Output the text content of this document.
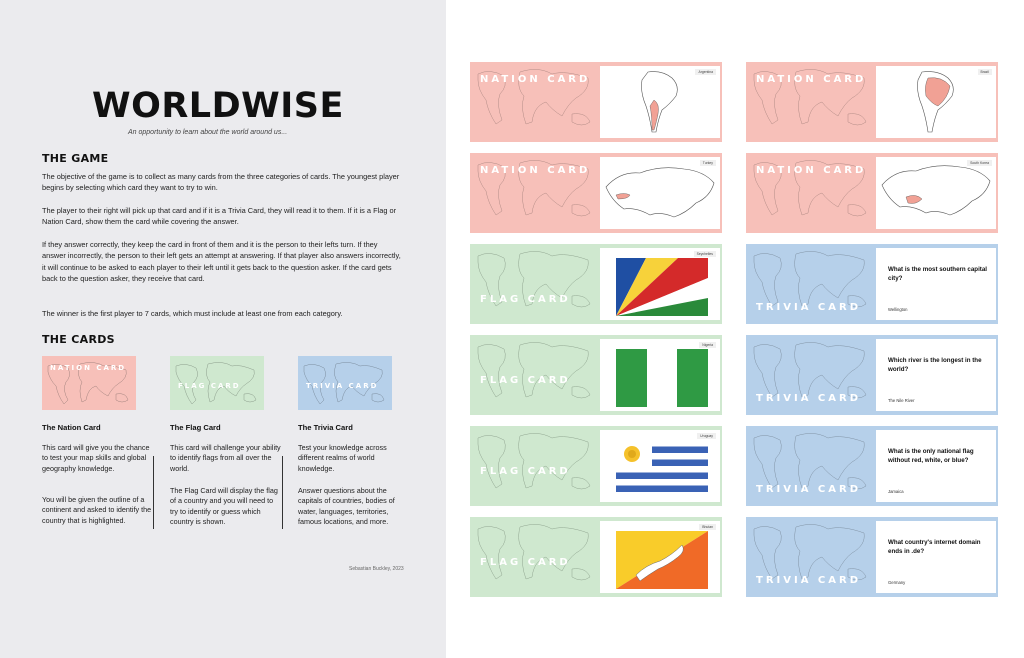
WORLDWISE
An opportunity to learn about the world around us...
THE GAME

The objective of the game is to collect as many cards from the three categories of cards. The youngest player begins by selecting which card they want to try to win.

The player to their right will pick up that card and if it is a Trivia Card, they will read it to them. If it is a Flag or Nation Card, show them the card while covering the answer.

If they answer correctly, they keep the card in front of them and it is the person to their lefts turn. If they answer incorrectly, the person to their left gets an attempt at answering. If that player also answers incorrectly, it will continue to be asked to each player to their left until it gets back to the question asker. If the card gets back to the question asker, they receive that card.

The winner is the first player to 7 cards, which must include at least one from each category.

THE CARDS
NATION CARD
FLAG CARD	TRIVIA CARD
The Nation Card

This card will give you the chance to test your map skills and global geography knowledge.

You will be given the outline of a continent and asked to identify the country that is highlighted.

The Flag Card

This card will challenge your ability to identify flags from all over the world.

The Flag Card will display the flag of a country and you will need to try to identify or guess which country is shown.

The Trivia Card

Test your knowledge across different realms of world knowledge.

Answer questions about the capitals of countries, bodies of water, languages, territories, famous locations, and more.

Sebastian Buckley, 2023
NATION CARD
Argentina
NATION CARD
Brazil
NATION CARD
Turkey
NATION CARD
South Korea
FLAG CARD
Seychelles
FLAG CARD
Nigeria
FLAG CARD
Uruguay
FLAG CARD
Bhutan
TRIVIA CARD
What is the most southern capital city?
Wellington
TRIVIA CARD
Which river is the longest in the world?
The Nile River
TRIVIA CARD
What is the only national flag without red, white, or blue?
Jamaica
TRIVIA CARD
What country's internet domain ends in .de?
Germany
